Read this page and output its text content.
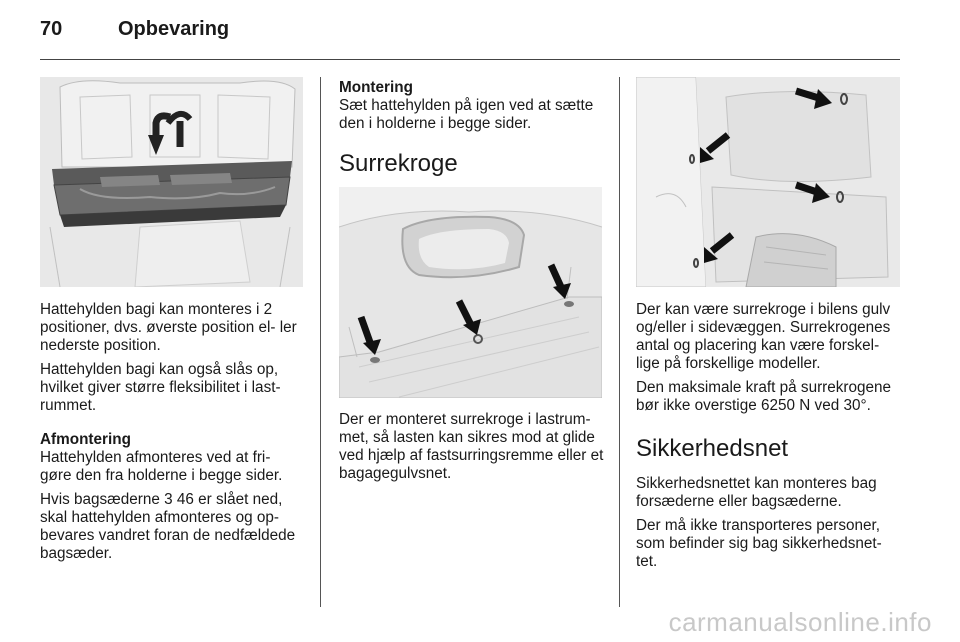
70	Opbevaring

Hattehylden bagi kan monteres i 2 positioner, dvs. øverste position el‐ ler nederste position.

Hattehylden bagi kan også slås op, hvilket giver større fleksibilitet i last‐ rummet.

Afmontering

Hattehylden afmonteres ved at fri‐ gøre den fra holderne i begge sider.

Hvis bagsæderne 3 46 er slået ned, skal hattehylden afmonteres og op‐ bevares vandret foran de nedfældede bagsæder.

Montering

Sæt hattehylden på igen ved at sætte den i holderne i begge sider.

Surrekroge

Der er monteret surrekroge i lastrum‐ met, så lasten kan sikres mod at glide ved hjælp af fastsurringsremme eller et bagagegulvsnet.

Der kan være surrekroge i bilens gulv og/eller i sidevæggen. Surrekrogenes antal og placering kan være forskel‐ lige på forskellige modeller.

Den maksimale kraft på surrekrogene bør ikke overstige 6250 N ved 30°.

Sikkerhedsnet

Sikkerhedsnettet kan monteres bag forsæderne eller bagsæderne.

Der må ikke transporteres personer, som befinder sig bag sikkerhedsnet‐ tet.

carmanualsonline.info
